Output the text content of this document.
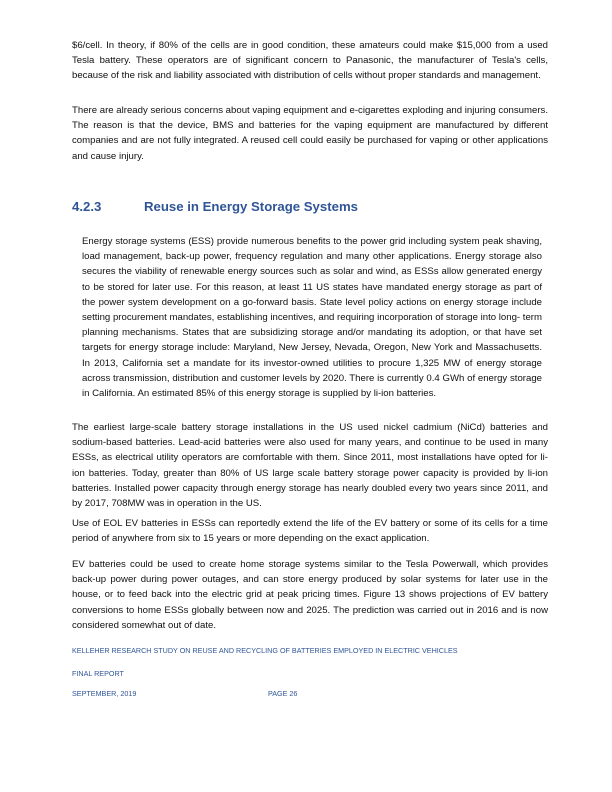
$6/cell. In theory, if 80% of the cells are in good condition, these amateurs could make $15,000 from a used Tesla battery. These operators are of significant concern to Panasonic, the manufacturer of Tesla's cells, because of the risk and liability associated with distribution of cells without proper standards and management.

There are already serious concerns about vaping equipment and e-cigarettes exploding and injuring consumers. The reason is that the device, BMS and batteries for the vaping equipment are manufactured by different companies and are not fully integrated. A reused cell could easily be purchased for vaping or other applications and cause injury.

4.2.3	Reuse in Energy Storage Systems

Energy storage systems (ESS) provide numerous benefits to the power grid including system peak shaving, load management, back-up power, frequency regulation and many other applications. Energy storage also secures the viability of renewable energy sources such as solar and wind, as ESSs allow generated energy to be stored for later use. For this reason, at least 11 US states have mandated energy storage as part of the power system development on a go-forward basis. State level policy actions on energy storage include setting procurement mandates, establishing incentives, and requiring incorporation of storage into long- term planning mechanisms. States that are subsidizing storage and/or mandating its adoption, or that have set targets for energy storage include: Maryland, New Jersey, Nevada, Oregon, New York and Massachusetts. In 2013, California set a mandate for its investor-owned utilities to procure 1,325 MW of energy storage across transmission, distribution and customer levels by 2020. There is currently 0.4 GWh of energy storage in California. An estimated 85% of this energy storage is supplied by li-ion batteries.

The earliest large-scale battery storage installations in the US used nickel cadmium (NiCd) batteries and sodium-based batteries. Lead-acid batteries were also used for many years, and continue to be used in many ESSs, as electrical utility operators are comfortable with them. Since 2011, most installations have opted for li-ion batteries. Today, greater than 80% of US large scale battery storage power capacity is provided by li-ion batteries. Installed power capacity through energy storage has nearly doubled every two years since 2011, and by 2017, 708MW was in operation in the US.

Use of EOL EV batteries in ESSs can reportedly extend the life of the EV battery or some of its cells for a time period of anywhere from six to 15 years or more depending on the exact application.

EV batteries could be used to create home storage systems similar to the Tesla Powerwall, which provides back-up power during power outages, and can store energy produced by solar systems for later use in the house, or to feed back into the electric grid at peak pricing times. Figure 13 shows projections of EV battery conversions to home ESSs globally between now and 2025. The prediction was carried out in 2016 and is now considered somewhat out of date.

KELLEHER RESEARCH STUDY ON REUSE AND RECYCLING OF BATTERIES EMPLOYED IN ELECTRIC VEHICLES
FINAL REPORT
SEPTEMBER, 2019	PAGE 26
